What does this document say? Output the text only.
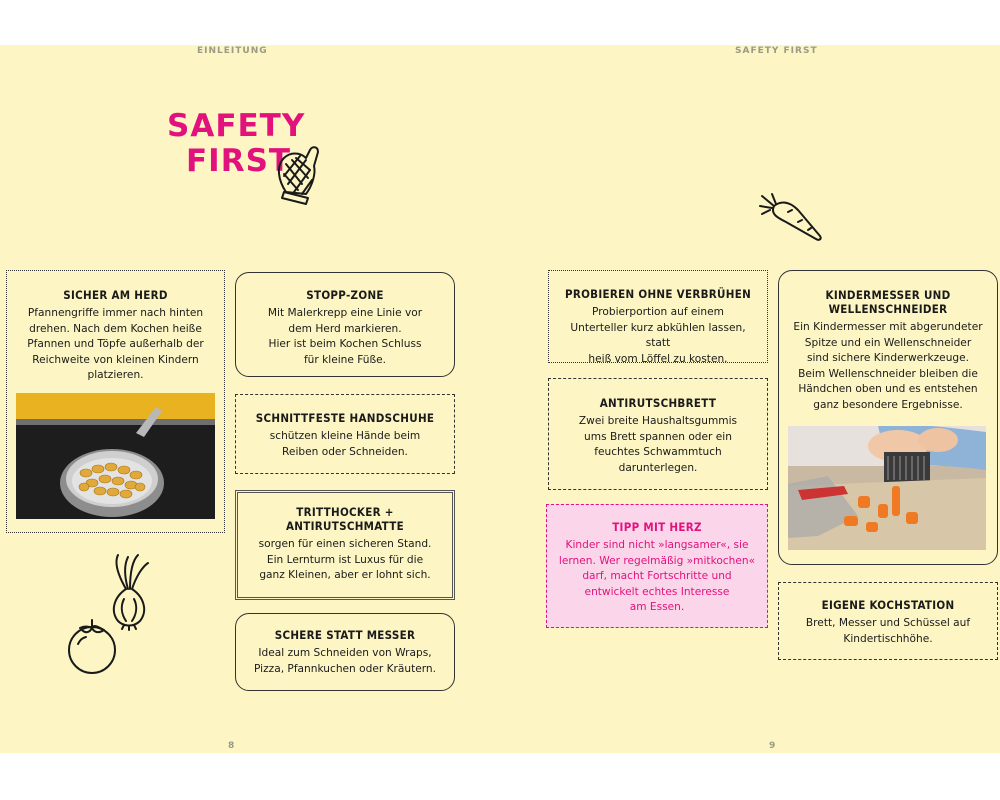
EINLEITUNG	SAFETY FIRST
8	9
SAFETY
FIRST
SICHER AM HERD

Pfannengriffe immer nach hinten
drehen. Nach dem Kochen heiße
Pfannen und Töpfe außerhalb der
Reichweite von kleinen Kindern
platzieren.

STOPP-ZONE

Mit Malerkrepp eine Linie vor
dem Herd markieren.
Hier ist beim Kochen Schluss
für kleine Füße.

SCHNITTFESTE HANDSCHUHE

schützen kleine Hände beim
Reiben oder Schneiden.

TRITTHOCKER +
ANTIRUTSCHMATTE

sorgen für einen sicheren Stand.
Ein Lernturm ist Luxus für die
ganz Kleinen, aber er lohnt sich.

SCHERE STATT MESSER

Ideal zum Schneiden von Wraps,
Pizza, Pfannkuchen oder Kräutern.

PROBIEREN OHNE VERBRÜHEN

Probierportion auf einem
Unterteller kurz abkühlen lassen, statt
heiß vom Löffel zu kosten.

ANTIRUTSCHBRETT

Zwei breite Haushaltsgummis
ums Brett spannen oder ein
feuchtes Schwammtuch
darunterlegen.

TIPP MIT HERZ

Kinder sind nicht »langsamer«, sie
lernen. Wer regelmäßig »mitkochen«
darf, macht Fortschritte und
entwickelt echtes Interesse
am Essen.

KINDERMESSER UND
WELLENSCHNEIDER

Ein Kindermesser mit abgerundeter
Spitze und ein Wellenschneider
sind sichere Kinderwerkzeuge.
Beim Wellenschneider bleiben die
Händchen oben und es entstehen
ganz besondere Ergebnisse.

EIGENE KOCHSTATION

Brett, Messer und Schüssel auf
Kindertischhöhe.
